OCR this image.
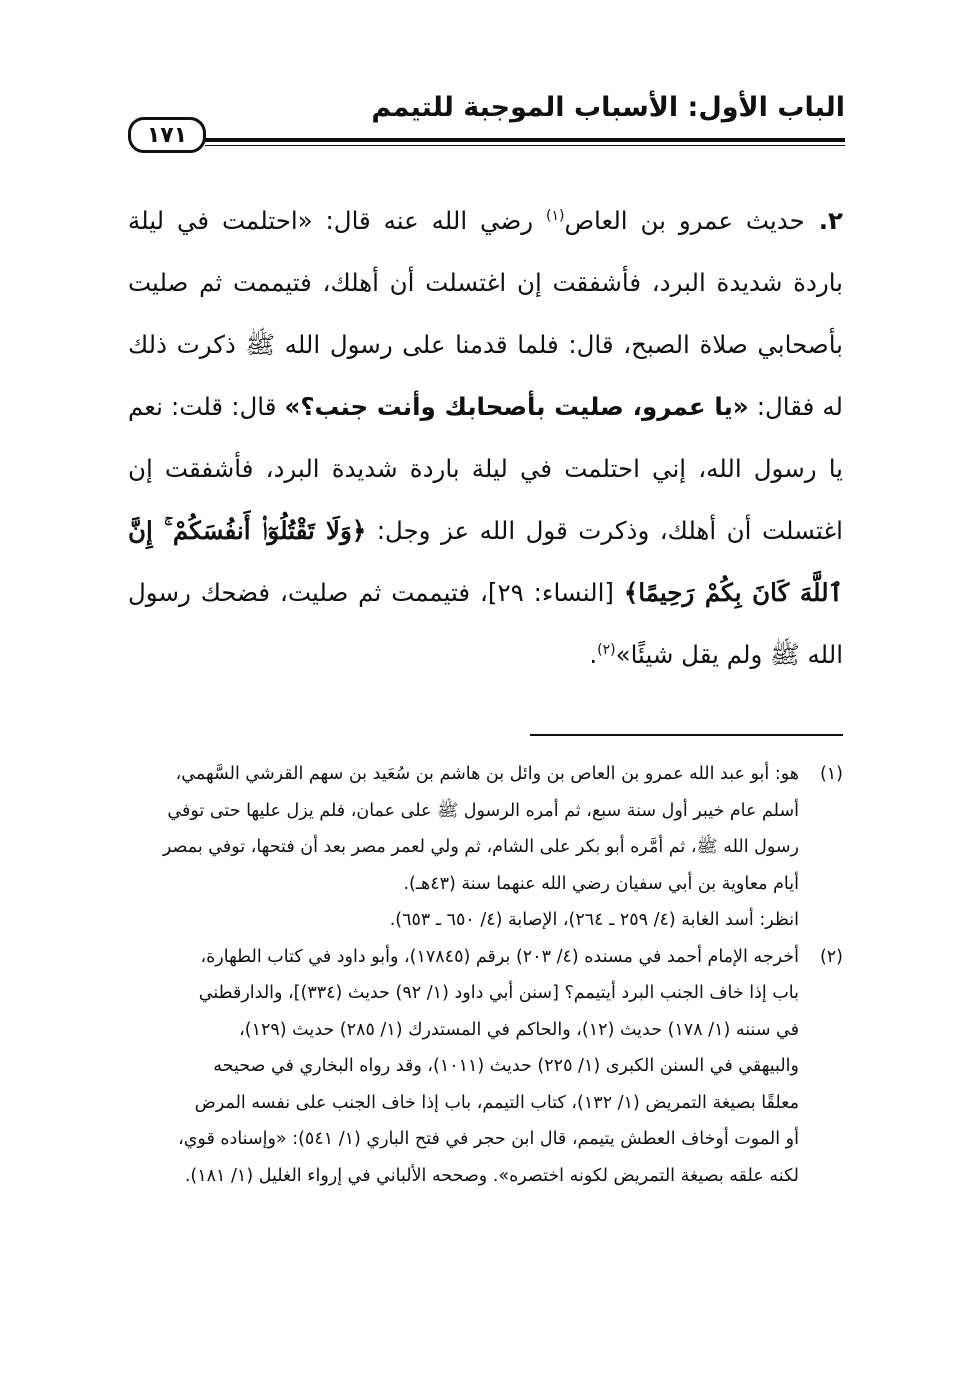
الباب الأول: الأسباب الموجبة للتيمم
١٧١

٢.حديث عمرو بن العاص$^{(١)}$ رضي الله عنه قال: «احتلمت في ليلة باردة شديدة البرد، فأشفقت إن اغتسلت أن أهلك، فتيممت ثم صليت بأصحابي صلاة الصبح، قال: فلما قدمنا على رسول الله ﷺ ذكرت ذلك له فقال: «يا عمرو، صليت بأصحابك وأنت جنب؟» قال: قلت: نعم يا رسول الله، إني احتلمت في ليلة باردة شديدة البرد، فأشفقت إن اغتسلت أن أهلك، وذكرت قول الله عز وجل: ﴿وَلَا تَقْتُلُوٓا۟ أَنفُسَكُمْ ۚ إِنَّ ٱللَّهَ كَانَ بِكُمْ رَحِيمًا﴾ [النساء: ٢٩]، فتيممت ثم صليت، فضحك رسول الله ﷺ ولم يقل شيئًا»$^{(٢)}$.

(١)
هو: أبو عبد الله عمرو بن العاص بن وائل بن هاشم بن سُعَيد بن سهم القرشي السَّهمي،
أسلم عام خيبر أول سنة سبع، ثم أمره الرسول ﷺ على عمان، فلم يزل عليها حتى توفي
رسول الله ﷺ، ثم أمَّره أبو بكر على الشام، ثم ولي لعمر مصر بعد أن فتحها، توفي بمصر
أيام معاوية بن أبي سفيان رضي الله عنهما سنة (٤٣هـ).
انظر: أسد الغابة (٤/ ٢٥٩ ـ ٢٦٤)، الإصابة (٤/ ٦٥٠ ـ ٦٥٣).
(٢)
أخرجه الإمام أحمد في مسنده (٤/ ٢٠٣) برقم (١٧٨٤٥)، وأبو داود في كتاب الطهارة،
باب إذا خاف الجنب البرد أيتيمم؟ [سنن أبي داود (١/ ٩٢) حديث (٣٣٤)]، والدارقطني
في سننه (١/ ١٧٨) حديث (١٢)، والحاكم في المستدرك (١/ ٢٨٥) حديث (١٢٩)،
والبيهقي في السنن الكبرى (١/ ٢٢٥) حديث (١٠١١)، وقد رواه البخاري في صحيحه
معلقًا بصيغة التمريض (١/ ١٣٢)، كتاب التيمم، باب إذا خاف الجنب على نفسه المرض
أو الموت أوخاف العطش يتيمم، قال ابن حجر في فتح الباري (١/ ٥٤١): «وإسناده قوي،
لكنه علقه بصيغة التمريض لكونه اختصره». وصححه الألباني في إرواء الغليل (١/ ١٨١).
